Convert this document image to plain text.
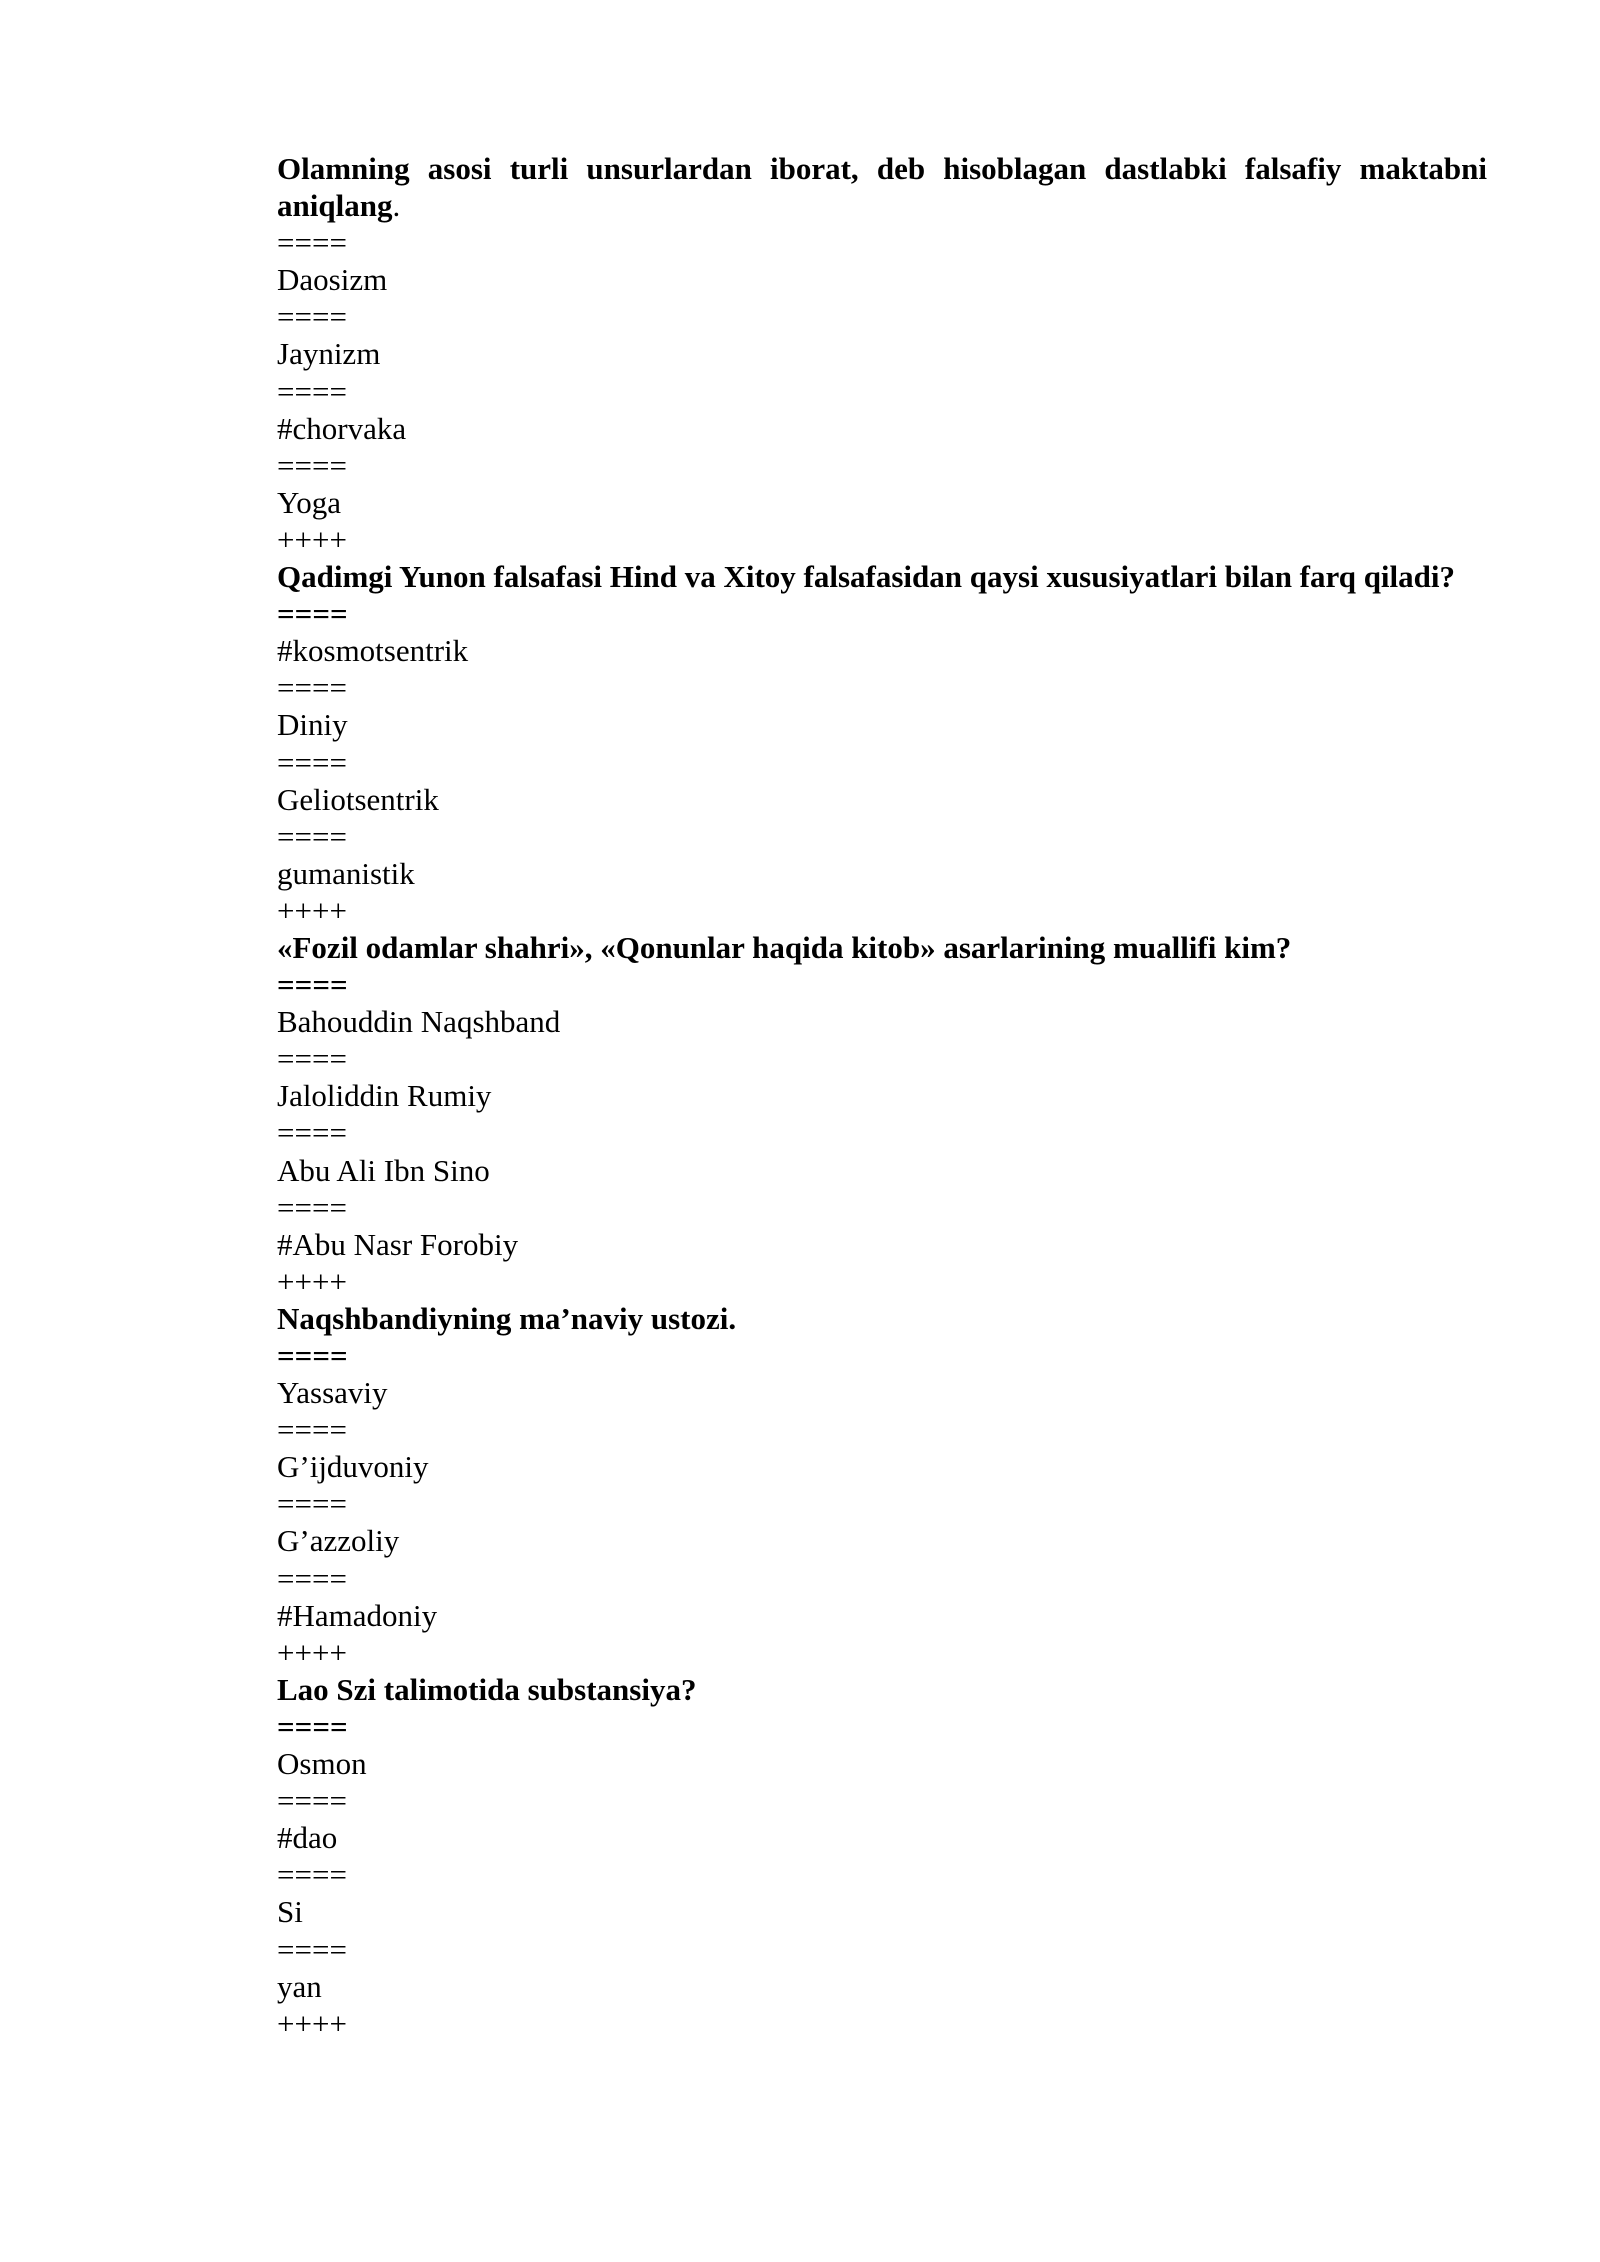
Olamning asosi turli unsurlardan iborat, deb hisoblagan dastlabki falsafiy maktabni aniqlang.
====
Daosizm
====
Jaynizm
====
#chorvaka
====
Yoga
++++
Qadimgi Yunon falsafasi Hind va Xitoy falsafasidan qaysi xususiyatlari bilan farq qiladi?
====
#kosmotsentrik
====
Diniy
====
Geliotsentrik
====
gumanistik
++++
«Fozil odamlar shahri», «Qonunlar haqida kitob» asarlarining muallifi kim?
====
Bahouddin Naqshband
====
Jaloliddin Rumiy
====
Abu Ali Ibn Sino
====
#Abu Nasr Forobiy
++++
Naqshbandiyning ma’naviy ustozi.
====
Yassaviy
====
G’ijduvoniy
====
G’azzoliy
====
#Hamadoniy
++++
Lao Szi talimotida substansiya?
====
Osmon
====
#dao
====
Si
====
yan
++++
